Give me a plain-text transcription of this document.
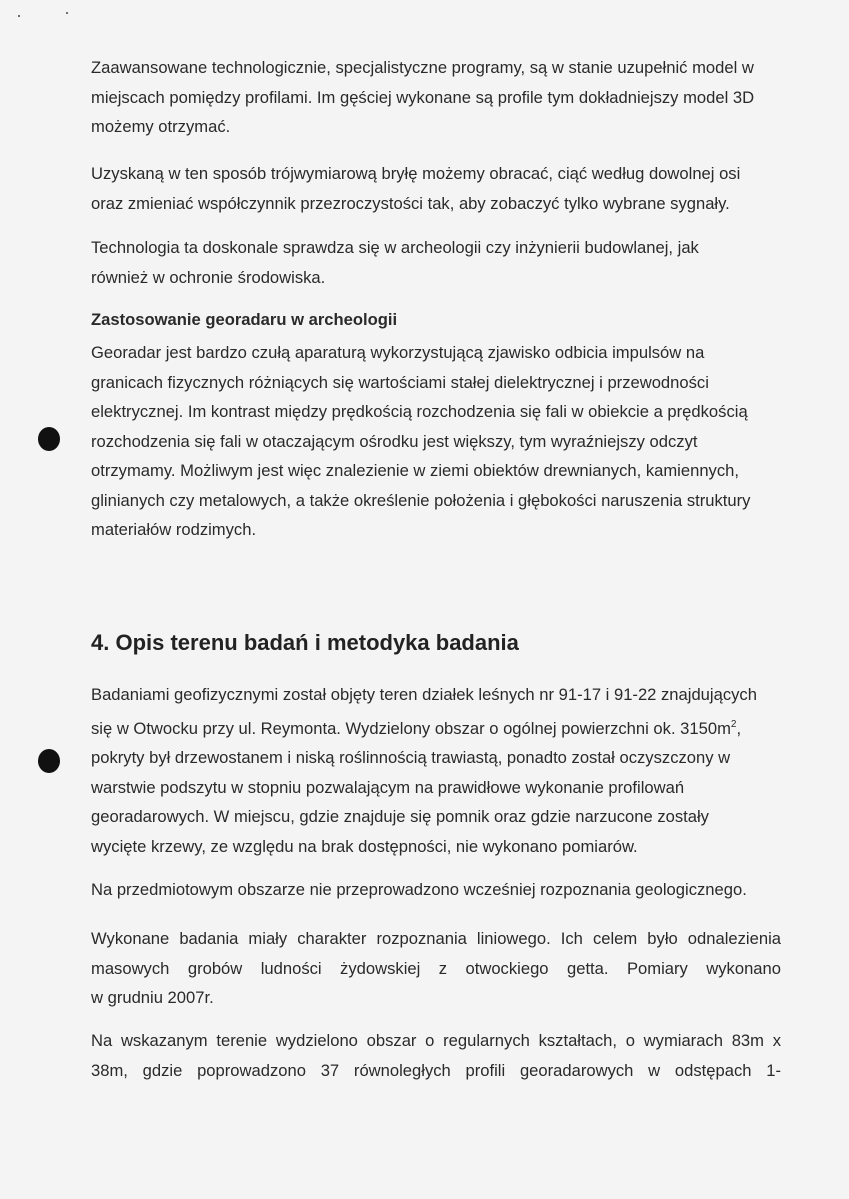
Zaawansowane technologicznie, specjalistyczne programy, są w stanie uzupełnić model w
miejscach pomiędzy profilami. Im gęściej wykonane są profile tym dokładniejszy model 3D
możemy otrzymać.

Uzyskaną w ten sposób trójwymiarową bryłę możemy obracać, ciąć według dowolnej osi
oraz zmieniać współczynnik przezroczystości tak, aby zobaczyć tylko wybrane sygnały.

Technologia ta doskonale sprawdza się w archeologii czy inżynierii budowlanej, jak
również w ochronie środowiska.

Zastosowanie georadaru w archeologii

Georadar jest bardzo czułą aparaturą wykorzystującą zjawisko odbicia impulsów na
granicach fizycznych różniących się wartościami stałej dielektrycznej i przewodności
elektrycznej. Im kontrast między prędkością rozchodzenia się fali w obiekcie a prędkością
rozchodzenia się fali w otaczającym ośrodku jest większy, tym wyraźniejszy odczyt
otrzymamy. Możliwym jest więc znalezienie w ziemi obiektów drewnianych, kamiennych,
glinianych czy metalowych, a także określenie położenia i głębokości naruszenia struktury
materiałów rodzimych.

4. Opis terenu badań i metodyka badania

Badaniami geofizycznymi został objęty teren działek leśnych nr 91-17 i 91-22 znajdujących
się w Otwocku przy ul. Reymonta. Wydzielony obszar o ogólnej powierzchni ok. $3150m^2$,
pokryty był drzewostanem i niską roślinnością trawiastą, ponadto został oczyszczony w
warstwie podszytu w stopniu pozwalającym na prawidłowe wykonanie profilowań
georadarowych. W miejscu, gdzie znajduje się pomnik oraz gdzie narzucone zostały
wycięte krzewy, ze względu na brak dostępności, nie wykonano pomiarów.

Na przedmiotowym obszarze nie przeprowadzono wcześniej rozpoznania geologicznego.

Wykonane badania miały charakter rozpoznania liniowego. Ich celem było odnalezienia
masowych grobów ludności żydowskiej z otwockiego getta. Pomiary wykonano
w grudniu 2007r.

Na wskazanym terenie wydzielono obszar o regularnych kształtach, o wymiarach 83m x
38m, gdzie poprowadzono 37 równoległych profili georadarowych w odstępach 1-
